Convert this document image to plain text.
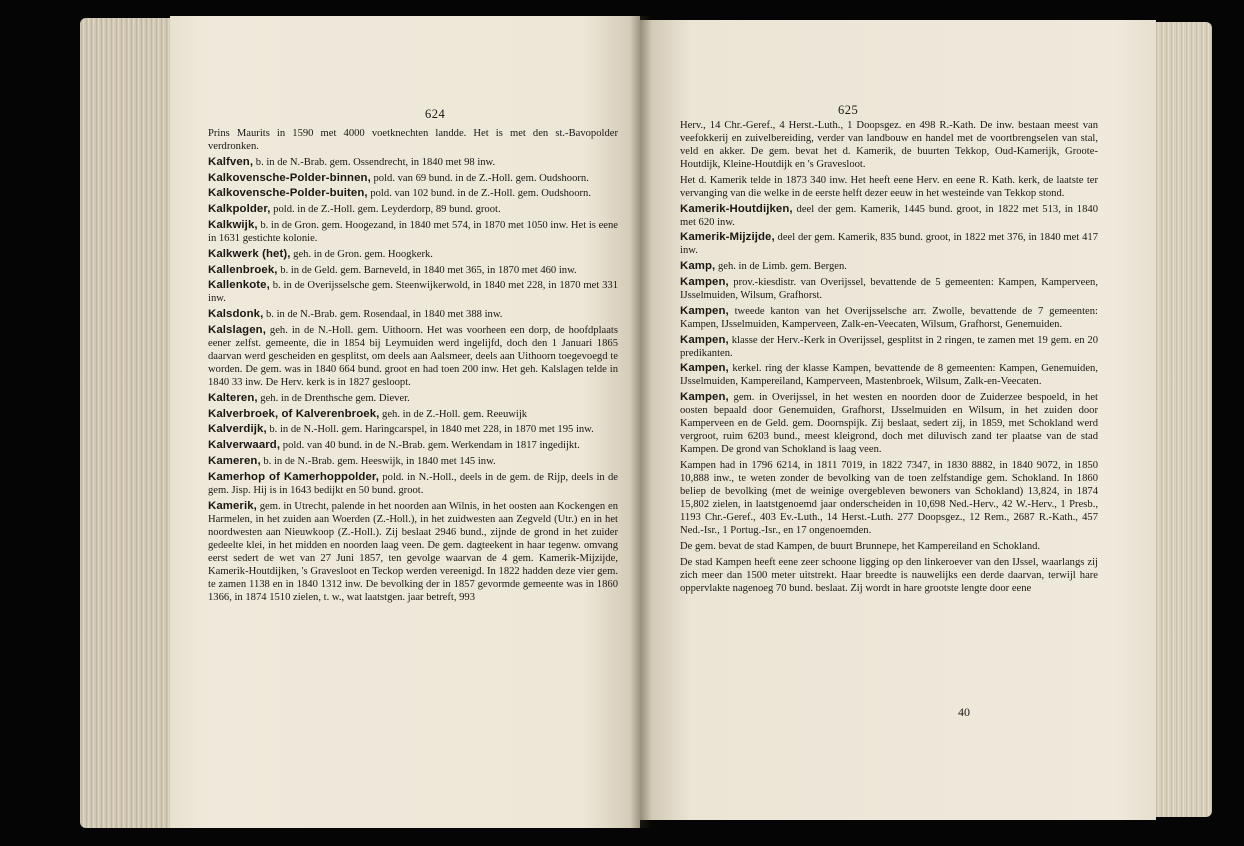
624

Prins Maurits in 1590 met 4000 voetknechten landde. Het is met den st.-Bavopolder verdronken.

Kalfven, b. in de N.-Brab. gem. Ossendrecht, in 1840 met 98 inw.

Kalkovensche-Polder-binnen, pold. van 69 bund. in de Z.-Holl. gem. Oudshoorn.

Kalkovensche-Polder-buiten, pold. van 102 bund. in de Z.-Holl. gem. Oudshoorn.

Kalkpolder, pold. in de Z.-Holl. gem. Leyderdorp, 89 bund. groot.

Kalkwijk, b. in de Gron. gem. Hoogezand, in 1840 met 574, in 1870 met 1050 inw. Het is eene in 1631 gestichte kolonie.

Kalkwerk (het), geh. in de Gron. gem. Hoogkerk.

Kallenbroek, b. in de Geld. gem. Barneveld, in 1840 met 365, in 1870 met 460 inw.

Kallenkote, b. in de Overijsselsche gem. Steenwijkerwold, in 1840 met 228, in 1870 met 331 inw.

Kalsdonk, b. in de N.-Brab. gem. Rosendaal, in 1840 met 388 inw.

Kalslagen, geh. in de N.-Holl. gem. Uithoorn. Het was voorheen een dorp, de hoofdplaats eener zelfst. gemeente, die in 1854 bij Leymuiden werd ingelijfd, doch den 1 Januari 1865 daarvan werd gescheiden en gesplitst, om deels aan Aalsmeer, deels aan Uithoorn toegevoegd te worden. De gem. was in 1840 664 bund. groot en had toen 200 inw. Het geh. Kalslagen telde in 1840 33 inw. De Herv. kerk is in 1827 gesloopt.

Kalteren, geh. in de Drenthsche gem. Diever.

Kalverbroek, of Kalverenbroek, geh. in de Z.-Holl. gem. Reeuwijk

Kalverdijk, b. in de N.-Holl. gem. Haringcarspel, in 1840 met 228, in 1870 met 195 inw.

Kalverwaard, pold. van 40 bund. in de N.-Brab. gem. Werkendam in 1817 ingedijkt.

Kameren, b. in de N.-Brab. gem. Heeswijk, in 1840 met 145 inw.

Kamerhop of Kamerhoppolder, pold. in N.-Holl., deels in de gem. de Rijp, deels in de gem. Jisp. Hij is in 1643 bedijkt en 50 bund. groot.

Kamerik, gem. in Utrecht, palende in het noorden aan Wilnis, in het oosten aan Kockengen en Harmelen, in het zuiden aan Woerden (Z.-Holl.), in het zuidwesten aan Zegveld (Utr.) en in het noordwesten aan Nieuwkoop (Z.-Holl.). Zij beslaat 2946 bund., zijnde de grond in het zuider gedeelte klei, in het midden en noorden laag veen. De gem. dagteekent in haar tegenw. omvang eerst sedert de wet van 27 Juni 1857, ten gevolge waarvan de 4 gem. Kamerik-Mijzijde, Kamerik-Houtdijken, 's Gravesloot en Teckop werden vereenigd. In 1822 hadden deze vier gem. te zamen 1138 en in 1840 1312 inw. De bevolking der in 1857 gevormde gemeente was in 1860 1366, in 1874 1510 zielen, t. w., wat laatstgen. jaar betreft, 993

625

Herv., 14 Chr.-Geref., 4 Herst.-Luth., 1 Doopsgez. en 498 R.-Kath. De inw. bestaan meest van veefokkerij en zuivelbereiding, verder van landbouw en handel met de voortbrengselen van stal, veld en akker. De gem. bevat het d. Kamerik, de buurten Tekkop, Oud-Kamerijk, Groote-Houtdijk, Kleine-Houtdijk en 's Gravesloot.

Het d. Kamerik telde in 1873 340 inw. Het heeft eene Herv. en eene R. Kath. kerk, de laatste ter vervanging van die welke in de eerste helft dezer eeuw in het westeinde van Tekkop stond.

Kamerik-Houtdijken, deel der gem. Kamerik, 1445 bund. groot, in 1822 met 513, in 1840 met 620 inw.

Kamerik-Mijzijde, deel der gem. Kamerik, 835 bund. groot, in 1822 met 376, in 1840 met 417 inw.

Kamp, geh. in de Limb. gem. Bergen.

Kampen, prov.-kiesdistr. van Overijssel, bevattende de 5 gemeenten: Kampen, Kamperveen, IJsselmuiden, Wilsum, Grafhorst.

Kampen, tweede kanton van het Overijsselsche arr. Zwolle, bevattende de 7 gemeenten: Kampen, IJsselmuiden, Kamperveen, Zalk-en-Veecaten, Wilsum, Grafhorst, Genemuiden.

Kampen, klasse der Herv.-Kerk in Overijssel, gesplitst in 2 ringen, te zamen met 19 gem. en 20 predikanten.

Kampen, kerkel. ring der klasse Kampen, bevattende de 8 gemeenten: Kampen, Genemuiden, IJsselmuiden, Kampereiland, Kamperveen, Mastenbroek, Wilsum, Zalk-en-Veecaten.

Kampen, gem. in Overijssel, in het westen en noorden door de Zuiderzee bespoeld, in het oosten bepaald door Genemuiden, Grafhorst, IJsselmuiden en Wilsum, in het zuiden door Kamperveen en de Geld. gem. Doornspijk. Zij beslaat, sedert zij, in 1859, met Schokland werd vergroot, ruim 6203 bund., meest kleigrond, doch met diluvisch zand ter plaatse van de stad Kampen. De grond van Schokland is laag veen.

Kampen had in 1796 6214, in 1811 7019, in 1822 7347, in 1830 8882, in 1840 9072, in 1850 10,888 inw., te weten zonder de bevolking van de toen zelfstandige gem. Schokland. In 1860 beliep de bevolking (met de weinige overgebleven bewoners van Schokland) 13,824, in 1874 15,802 zielen, in laatstgenoemd jaar onderscheiden in 10,698 Ned.-Herv., 42 W.-Herv., 1 Presb., 1193 Chr.-Geref., 403 Ev.-Luth., 14 Herst.-Luth. 277 Doopsgez., 12 Rem., 2687 R.-Kath., 457 Ned.-Isr., 1 Portug.-Isr., en 17 ongenoemden.

De gem. bevat de stad Kampen, de buurt Brunnepe, het Kampereiland en Schokland.

De stad Kampen heeft eene zeer schoone ligging op den linkeroever van den IJssel, waarlangs zij zich meer dan 1500 meter uitstrekt. Haar breedte is nauwelijks een derde daarvan, terwijl hare oppervlakte nagenoeg 70 bund. beslaat. Zij wordt in hare grootste lengte door eene

40
